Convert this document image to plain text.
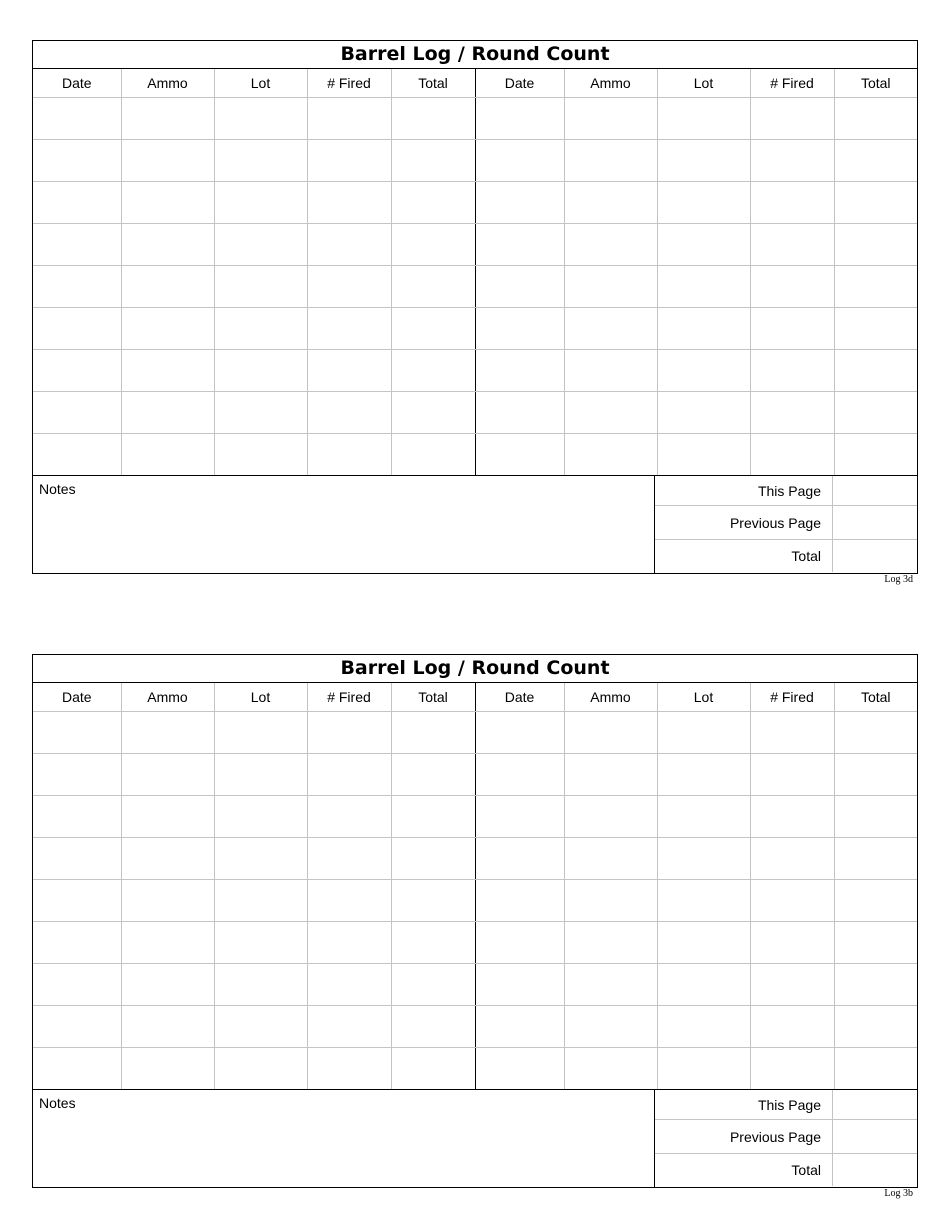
Barrel Log / Round Count
Date	Ammo	Lot	# Fired	Total	Date	Ammo	Lot	# Fired	Total

Notes	This Page
Previous Page
Total
Log 3d
Barrel Log / Round Count
Date	Ammo	Lot	# Fired	Total	Date	Ammo	Lot	# Fired	Total

Notes	This Page
Previous Page
Total
Log 3b
